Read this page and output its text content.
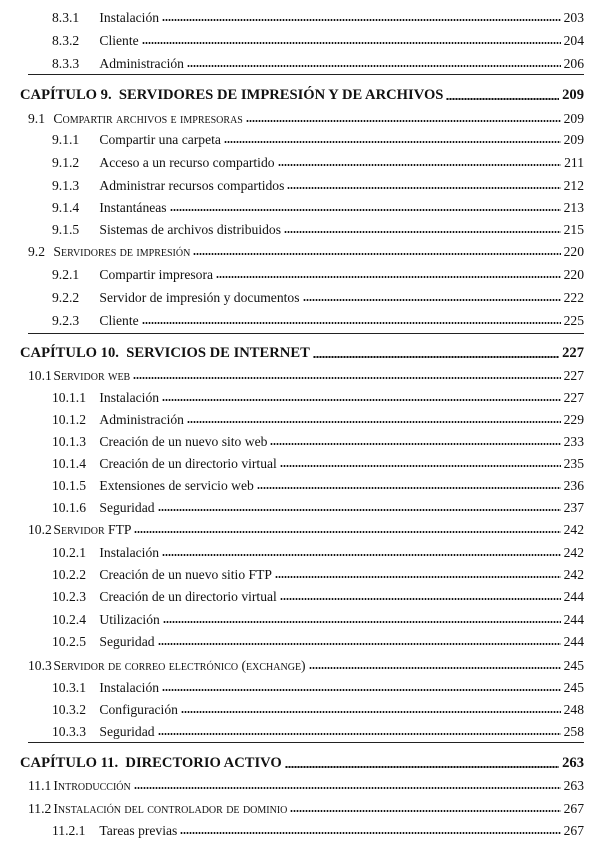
8.3.1 Instalación	203
8.3.2 Cliente	204
8.3.3 Administración	206
CAPÍTULO 9. SERVIDORES DE IMPRESIÓN Y DE ARCHIVOS	209
9.1 Compartir archivos e impresoras	209
9.1.1 Compartir una carpeta	209
9.1.2 Acceso a un recurso compartido	211
9.1.3 Administrar recursos compartidos	212
9.1.4 Instantáneas	213
9.1.5 Sistemas de archivos distribuidos	215
9.2 Servidores de impresión	220
9.2.1 Compartir impresora	220
9.2.2 Servidor de impresión y documentos	222
9.2.3 Cliente	225
CAPÍTULO 10. SERVICIOS DE INTERNET	227
10.1 Servidor web	227
10.1.1 Instalación	227
10.1.2 Administración	229
10.1.3 Creación de un nuevo sito web	233
10.1.4 Creación de un directorio virtual	235
10.1.5 Extensiones de servicio web	236
10.1.6 Seguridad	237
10.2 Servidor FTP	242
10.2.1 Instalación	242
10.2.2 Creación de un nuevo sitio FTP	242
10.2.3 Creación de un directorio virtual	244
10.2.4 Utilización	244
10.2.5 Seguridad	244
10.3 Servidor de correo electrónico (exchange)	245
10.3.1 Instalación	245
10.3.2 Configuración	248
10.3.3 Seguridad	258
CAPÍTULO 11. DIRECTORIO ACTIVO	263
11.1 Introducción	263
11.2 Instalación del controlador de dominio	267
11.2.1 Tareas previas	267
